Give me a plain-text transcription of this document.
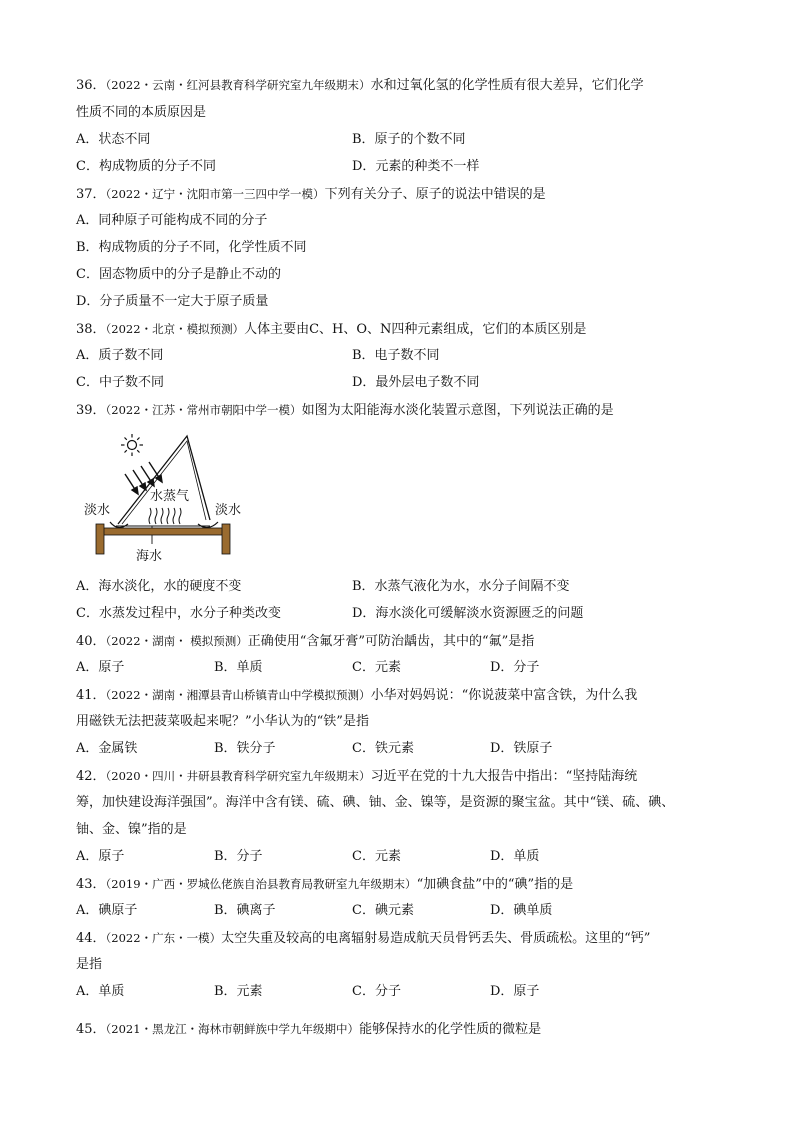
36．（2022・云南・红河县教育科学研究室九年级期末）水和过氧化氢的化学性质有很大差异，它们化学
性质不同的本质原因是
A．状态不同	B．原子的个数不同
C．构成物质的分子不同	D．元素的种类不一样
37．（2022・辽宁・沈阳市第一三四中学一模）下列有关分子、原子的说法中错误的是
A．同种原子可能构成不同的分子
B．构成物质的分子不同，化学性质不同
C．固态物质中的分子是静止不动的
D．分子质量不一定大于原子质量
38．（2022・北京・模拟预测）人体主要由C、H、O、N四种元素组成，它们的本质区别是
A．质子数不同	B．电子数不同
C．中子数不同	D．最外层电子数不同
39．（2022・江苏・常州市朝阳中学一模）如图为太阳能海水淡化装置示意图，下列说法正确的是
淡水	淡水
水蒸气
海水
A．海水淡化，水的硬度不变	B．水蒸气液化为水，水分子间隔不变
C．水蒸发过程中，水分子种类改变	D．海水淡化可缓解淡水资源匮乏的问题
40．（2022・湖南・ 模拟预测）正确使用“含氟牙膏”可防治龋齿，其中的“氟”是指
A．原子	B．单质	C．元素	D．分子
41．（2022・湖南・湘潭县青山桥镇青山中学模拟预测）小华对妈妈说：“你说菠菜中富含铁，为什么我
用磁铁无法把菠菜吸起来呢？”小华认为的“铁”是指
A．金属铁	B．铁分子	C．铁元素	D．铁原子
42．（2020・四川・井研县教育科学研究室九年级期末）习近平在党的十九大报告中指出：“坚持陆海统
筹，加快建设海洋强国”。海洋中含有镁、硫、碘、铀、金、镍等，是资源的聚宝盆。其中“镁、硫、碘、
铀、金、镍”指的是
A．原子	B．分子	C．元素	D．单质
43．（2019・广西・罗城仫佬族自治县教育局教研室九年级期末）“加碘食盐”中的“碘”指的是
A．碘原子	B．碘离子	C．碘元素	D．碘单质
44．（2022・广东・一模）太空失重及较高的电离辐射易造成航天员骨钙丢失、骨质疏松。这里的“钙”
是指
A．单质	B．元素	C．分子	D．原子
45．（2021・黑龙江・海林市朝鲜族中学九年级期中）能够保持水的化学性质的微粒是
